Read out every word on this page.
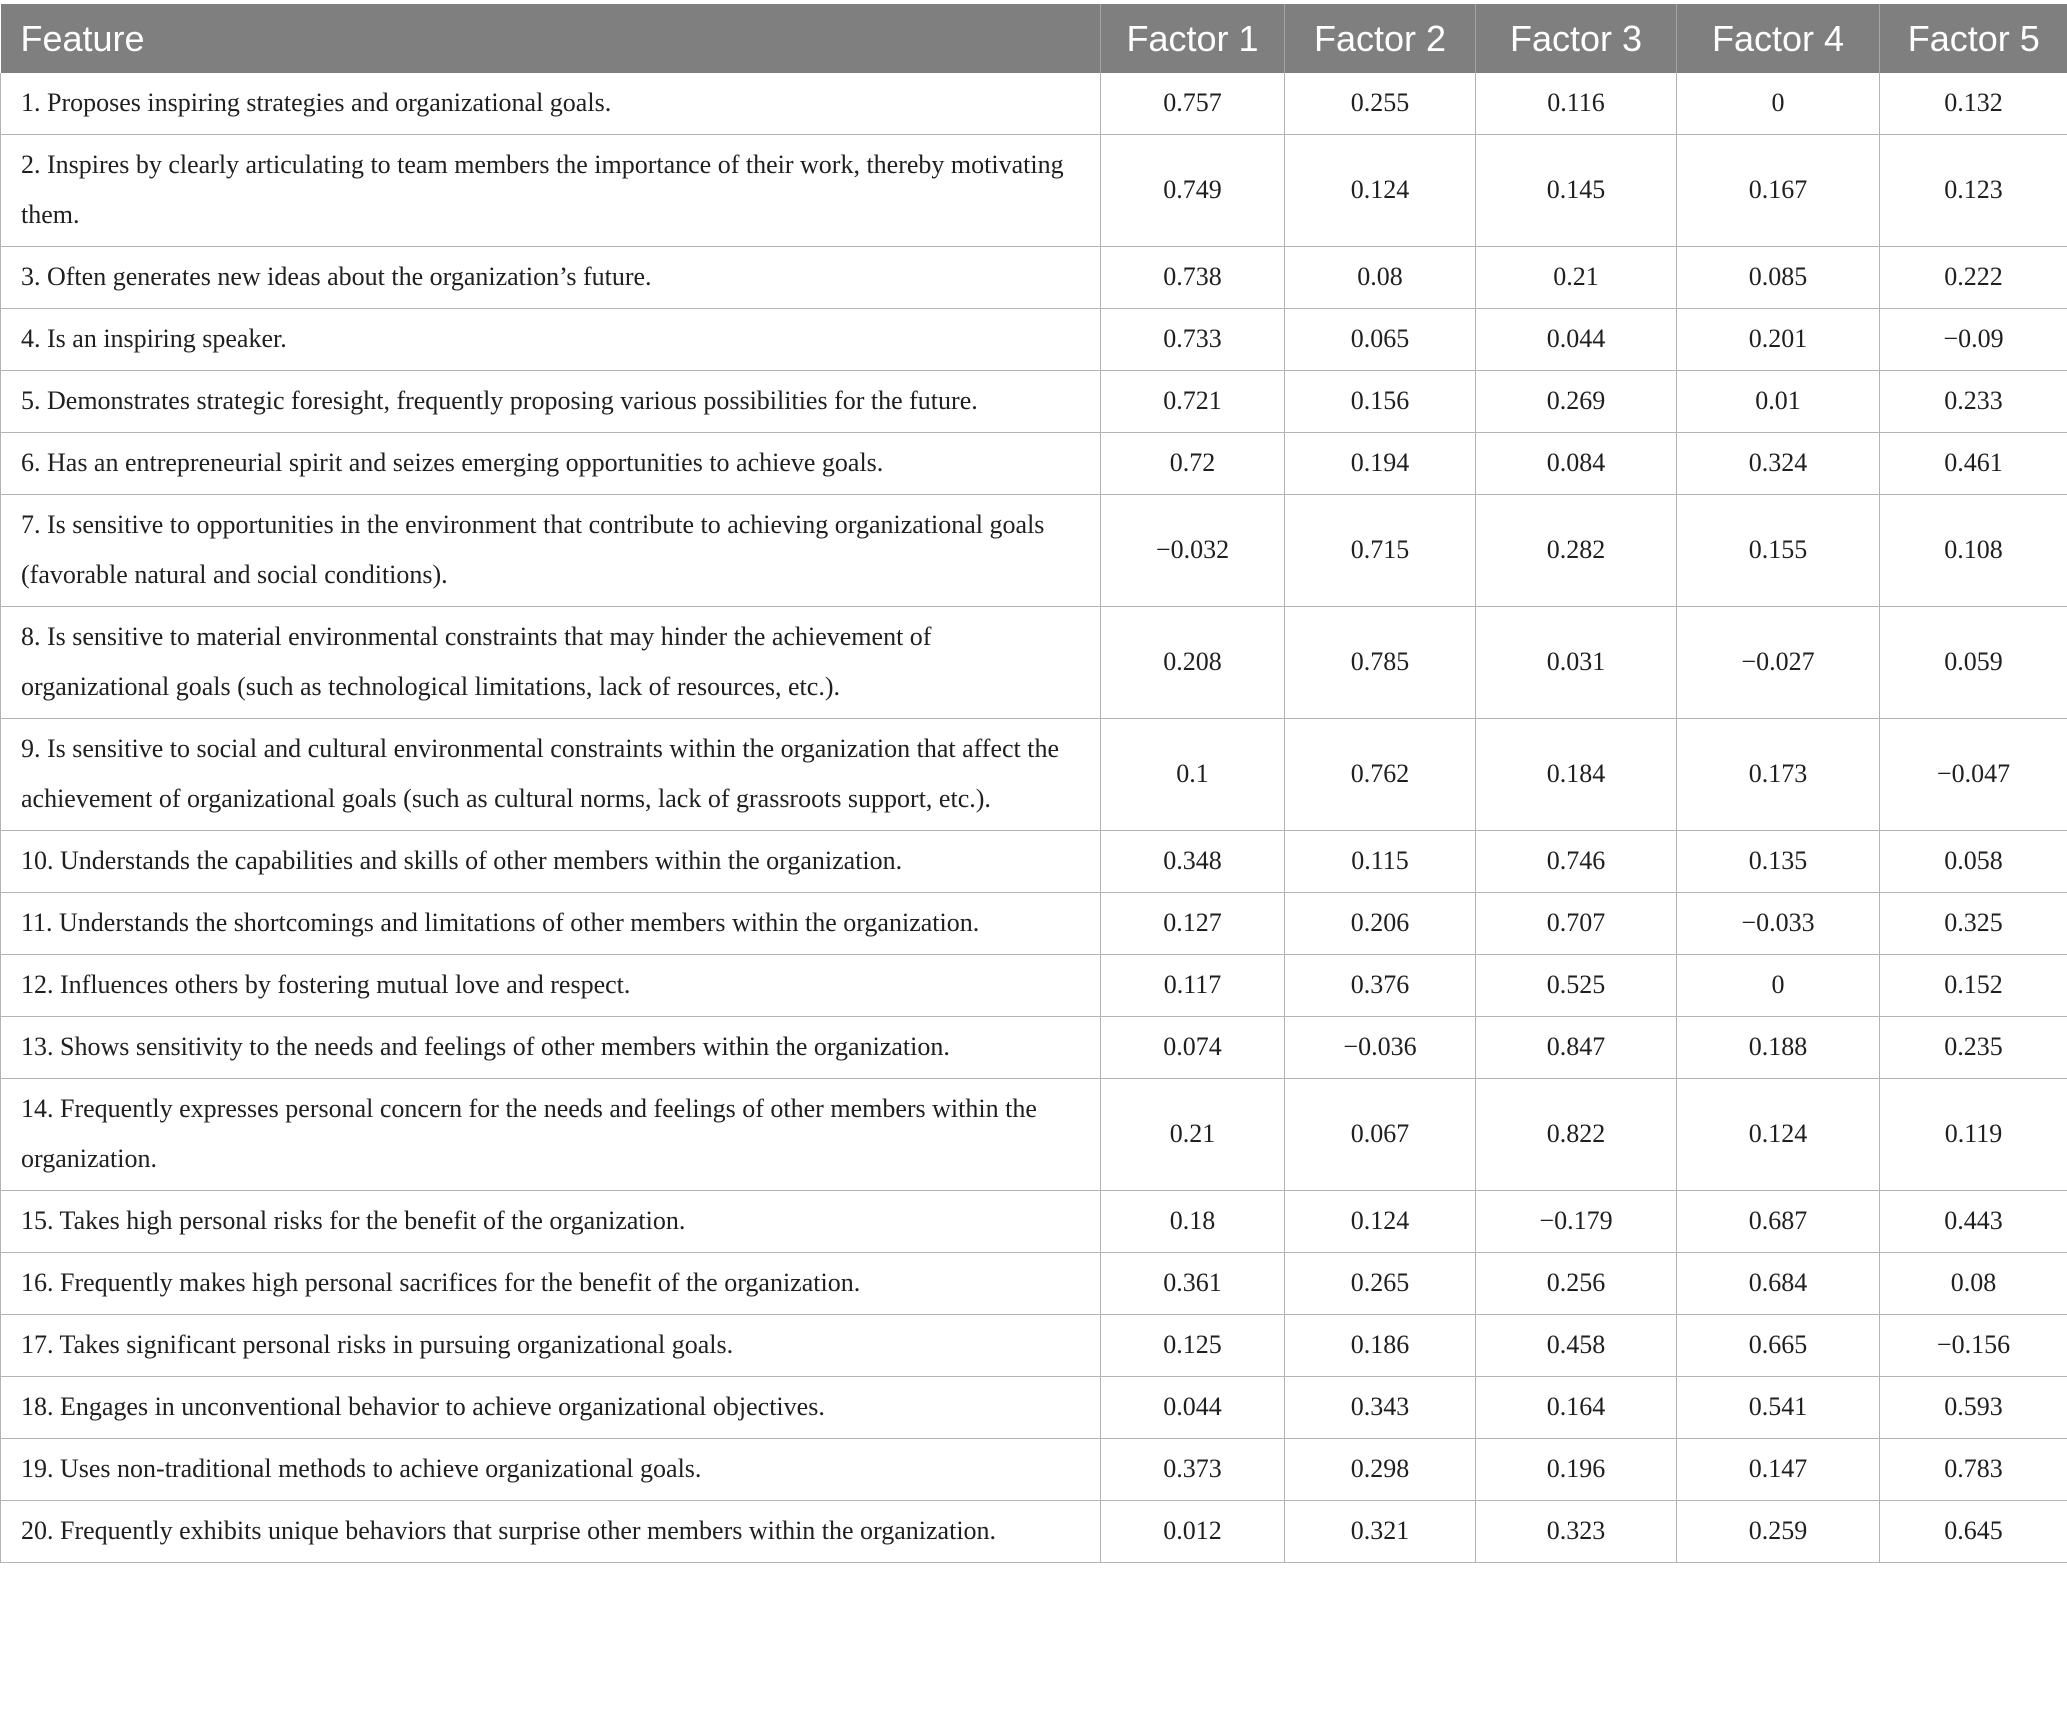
Feature	Factor 1	Factor 2	Factor 3	Factor 4	Factor 5
1. Proposes inspiring strategies and organizational goals.	0.757	0.255	0.116	0	0.132
2. Inspires by clearly articulating to team members the importance of their work, thereby motivating them.	0.749	0.124	0.145	0.167	0.123
3. Often generates new ideas about the organization’s future.	0.738	0.08	0.21	0.085	0.222
4. Is an inspiring speaker.	0.733	0.065	0.044	0.201	−0.09
5. Demonstrates strategic foresight, frequently proposing various possibilities for the future.	0.721	0.156	0.269	0.01	0.233
6. Has an entrepreneurial spirit and seizes emerging opportunities to achieve goals.	0.72	0.194	0.084	0.324	0.461
7. Is sensitive to opportunities in the environment that contribute to achieving organizational goals (favorable natural and social conditions).	−0.032	0.715	0.282	0.155	0.108
8. Is sensitive to material environmental constraints that may hinder the achievement of organizational goals (such as technological limitations, lack of resources, etc.).	0.208	0.785	0.031	−0.027	0.059
9. Is sensitive to social and cultural environmental constraints within the organization that affect the achievement of organizational goals (such as cultural norms, lack of grassroots support, etc.).	0.1	0.762	0.184	0.173	−0.047
10. Understands the capabilities and skills of other members within the organization.	0.348	0.115	0.746	0.135	0.058
11. Understands the shortcomings and limitations of other members within the organization.	0.127	0.206	0.707	−0.033	0.325
12. Influences others by fostering mutual love and respect.	0.117	0.376	0.525	0	0.152
13. Shows sensitivity to the needs and feelings of other members within the organization.	0.074	−0.036	0.847	0.188	0.235
14. Frequently expresses personal concern for the needs and feelings of other members within the organization.	0.21	0.067	0.822	0.124	0.119
15. Takes high personal risks for the benefit of the organization.	0.18	0.124	−0.179	0.687	0.443
16. Frequently makes high personal sacrifices for the benefit of the organization.	0.361	0.265	0.256	0.684	0.08
17. Takes significant personal risks in pursuing organizational goals.	0.125	0.186	0.458	0.665	−0.156
18. Engages in unconventional behavior to achieve organizational objectives.	0.044	0.343	0.164	0.541	0.593
19. Uses non-traditional methods to achieve organizational goals.	0.373	0.298	0.196	0.147	0.783
20. Frequently exhibits unique behaviors that surprise other members within the organization.	0.012	0.321	0.323	0.259	0.645
